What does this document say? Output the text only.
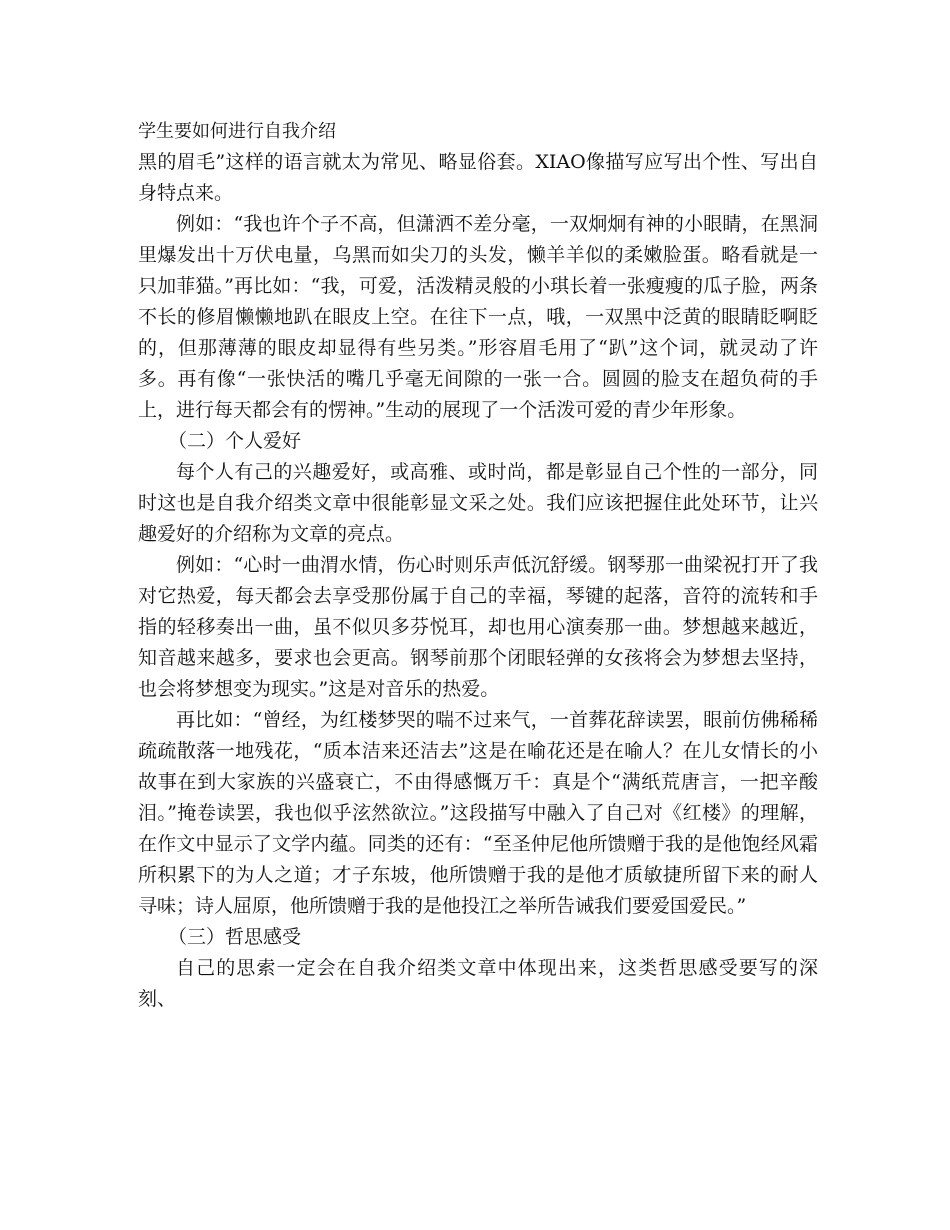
学生要如何进行自我介绍

黑的眉毛”这样的语言就太为常见、略显俗套。XIAO像描写应写出个性、写出自身特点来。

例如：“我也许个子不高，但潇洒不差分毫，一双炯炯有神的小眼睛，在黑洞里爆发出十万伏电量，乌黑而如尖刀的头发，懒羊羊似的柔嫩脸蛋。略看就是一只加菲猫。”再比如：“我，可爱，活泼精灵般的小琪长着一张瘦瘦的瓜子脸，两条不长的修眉懒懒地趴在眼皮上空。在往下一点，哦，一双黑中泛黄的眼睛眨啊眨的，但那薄薄的眼皮却显得有些另类。”形容眉毛用了“趴”这个词，就灵动了许多。再有像“一张快活的嘴几乎毫无间隙的一张一合。圆圆的脸支在超负荷的手上，进行每天都会有的愣神。”生动的展现了一个活泼可爱的青少年形象。

（二）个人爱好

每个人有己的兴趣爱好，或高雅、或时尚，都是彰显自己个性的一部分，同时这也是自我介绍类文章中很能彰显文采之处。我们应该把握住此处环节，让兴趣爱好的介绍称为文章的亮点。

例如：“心时一曲渭水情，伤心时则乐声低沉舒缓。钢琴那一曲梁祝打开了我对它热爱，每天都会去享受那份属于自己的幸福，琴键的起落，音符的流转和手指的轻移奏出一曲，虽不似贝多芬悦耳，却也用心演奏那一曲。梦想越来越近，知音越来越多，要求也会更高。钢琴前那个闭眼轻弹的女孩将会为梦想去坚持，也会将梦想变为现实。”这是对音乐的热爱。

再比如：“曾经，为红楼梦哭的喘不过来气，一首葬花辞读罢，眼前仿佛稀稀疏疏散落一地残花，“质本洁来还洁去”这是在喻花还是在喻人？在儿女情长的小故事在到大家族的兴盛衰亡，不由得感慨万千：真是个“满纸荒唐言，一把辛酸泪。”掩卷读罢，我也似乎泫然欲泣。”这段描写中融入了自己对《红楼》的理解，在作文中显示了文学内蕴。同类的还有：“至圣仲尼他所馈赠于我的是他饱经风霜所积累下的为人之道；才子东坡，他所馈赠于我的是他才质敏捷所留下来的耐人寻味；诗人屈原，他所馈赠于我的是他投江之举所告诫我们要爱国爱民。”

（三）哲思感受

自己的思索一定会在自我介绍类文章中体现出来，这类哲思感受要写的深刻、
